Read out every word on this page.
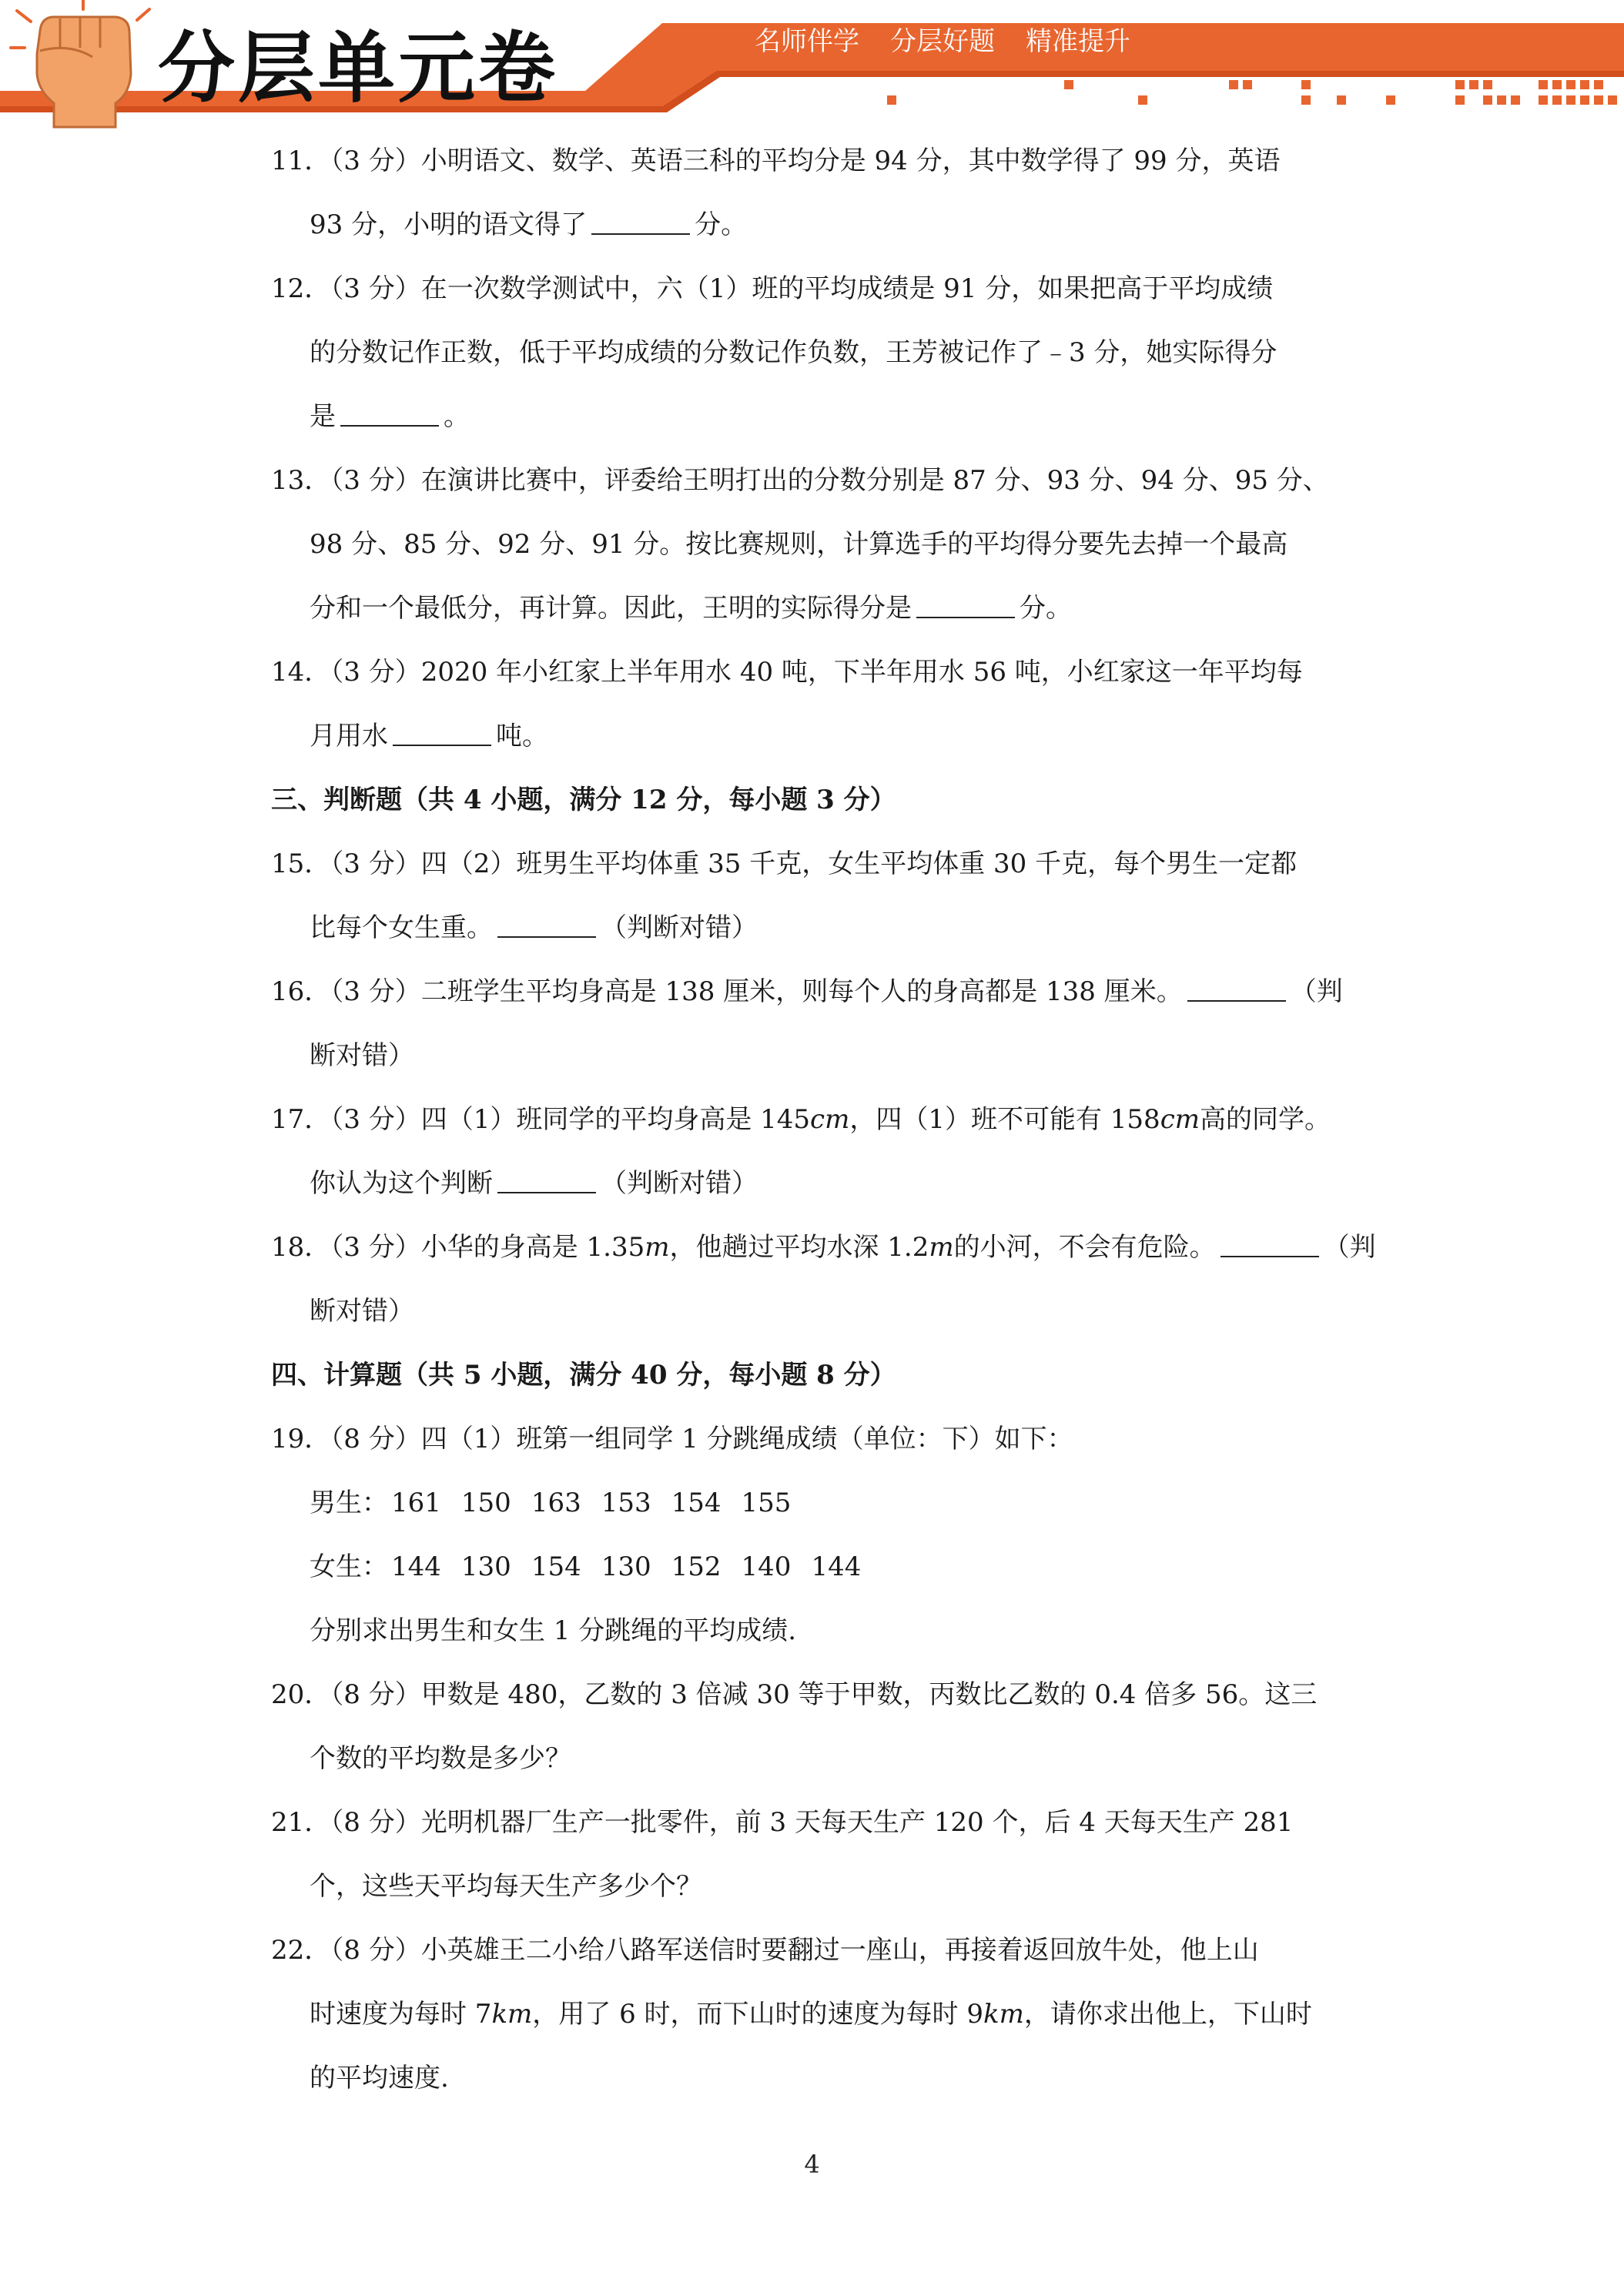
分层单元卷	名师伴学 分层好题 精准提升
11．（3 分）小明语文、数学、英语三科的平均分是 94 分，其中数学得了 99 分，英语
93 分，小明的语文得了	分。
12．（3 分）在一次数学测试中，六（1）班的平均成绩是 91 分，如果把高于平均成绩
的分数记作正数，低于平均成绩的分数记作负数，王芳被记作了﹣3 分，她实际得分
是	。
13．（3 分）在演讲比赛中，评委给王明打出的分数分别是 87 分、93 分、94 分、95 分、
98 分、85 分、92 分、91 分。按比赛规则，计算选手的平均得分要先去掉一个最高
分和一个最低分，再计算。因此，王明的实际得分是	分。
14．（3 分）2020 年小红家上半年用水 40 吨，下半年用水 56 吨，小红家这一年平均每
月用水	吨。
三、判断题（共 4 小题，满分 12 分，每小题 3 分）
15．（3 分）四（2）班男生平均体重 35 千克，女生平均体重 30 千克，每个男生一定都
比每个女生重。	（判断对错）
16．（3 分）二班学生平均身高是 138 厘米，则每个人的身高都是 138 厘米。	（判
断对错）
17．（3 分）四（1）班同学的平均身高是 145cm，四（1）班不可能有 158cm高的同学。
你认为这个判断	（判断对错）
18．（3 分）小华的身高是 1.35m，他趟过平均水深 1.2m的小河，不会有危险。	（判
断对错）
四、计算题（共 5 小题，满分 40 分，每小题 8 分）
19．（8 分）四（1）班第一组同学 1 分跳绳成绩（单位：下）如下：
男生： 161 150 163 153 154 155
女生： 144 130 154 130 152 140 144
分别求出男生和女生 1 分跳绳的平均成绩.
20．（8 分）甲数是 480，乙数的 3 倍减 30 等于甲数，丙数比乙数的 0.4 倍多 56。这三
个数的平均数是多少？
21．（8 分）光明机器厂生产一批零件，前 3 天每天生产 120 个，后 4 天每天生产 281
个，这些天平均每天生产多少个？
22．（8 分）小英雄王二小给八路军送信时要翻过一座山，再接着返回放牛处，他上山
时速度为每时 7km，用了 6 时，而下山时的速度为每时 9km，请你求出他上，下山时
的平均速度.
4
